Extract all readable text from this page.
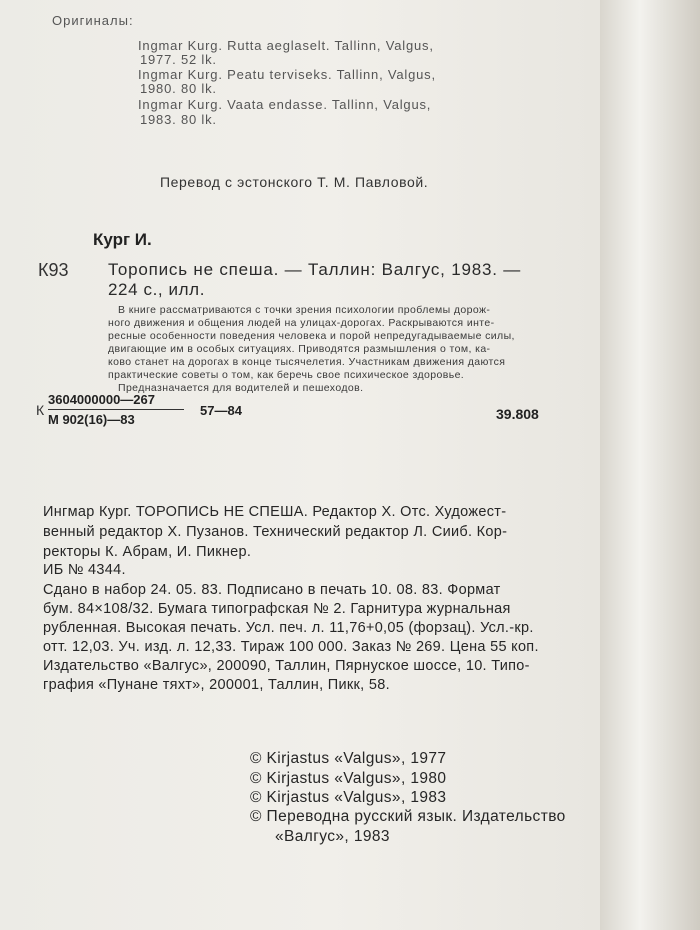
Оригиналы:
Ingmar Kurg. Rutta aeglaselt. Tallinn, Valgus,
1977. 52 lk.
Ingmar Kurg. Peatu terviseks. Tallinn, Valgus,
1980. 80 lk.
Ingmar Kurg. Vaata endasse. Tallinn, Valgus,
1983. 80 lk.
Перевод с эстонского Т. М. Павловой.
Кург И.
К93 Торопись не спеша. — Таллин: Валгус, 1983. —
224 с., илл.
В книге рассматриваются с точки зрения психологии проблемы дорож-
ного движения и общения людей на улицах-дорогах. Раскрываются инте-
ресные особенности поведения человека и порой непредугадываемые силы,
двигающие им в особых ситуациях. Приводятся размышления о том, ка-
ково станет на дорогах в конце тысячелетия. Участникам движения даются
практические советы о том, как беречь свое психическое здоровье.
Предназначается для водителей и пешеходов.
К
3604000000—267
М 902(16)—83
57—84	39.808
Ингмар Кург. ТОРОПИСЬ НЕ СПЕША. Редактор Х. Отс. Художест-
венный редактор Х. Пузанов. Технический редактор Л. Сииб. Кор-
ректоры К. Абрам, И. Пикнер.
ИБ № 4344.
Сдано в набор 24. 05. 83. Подписано в печать 10. 08. 83. Формат
бум. 84×108/32. Бумага типографская № 2. Гарнитура журнальная
рубленная. Высокая печать. Усл. печ. л. 11,76+0,05 (форзац). Усл.-кр.
отт. 12,03. Уч. изд. л. 12,33. Тираж 100 000. Заказ № 269. Цена 55 коп.
Издательство «Валгус», 200090, Таллин, Пярнуское шоссе, 10. Типо-
графия «Пунане тяхт», 200001, Таллин, Пикк, 58.
© Kirjastus «Valgus», 1977
© Kirjastus «Valgus», 1980
© Kirjastus «Valgus», 1983
© Переводна русский язык. Издательство
«Валгус», 1983
